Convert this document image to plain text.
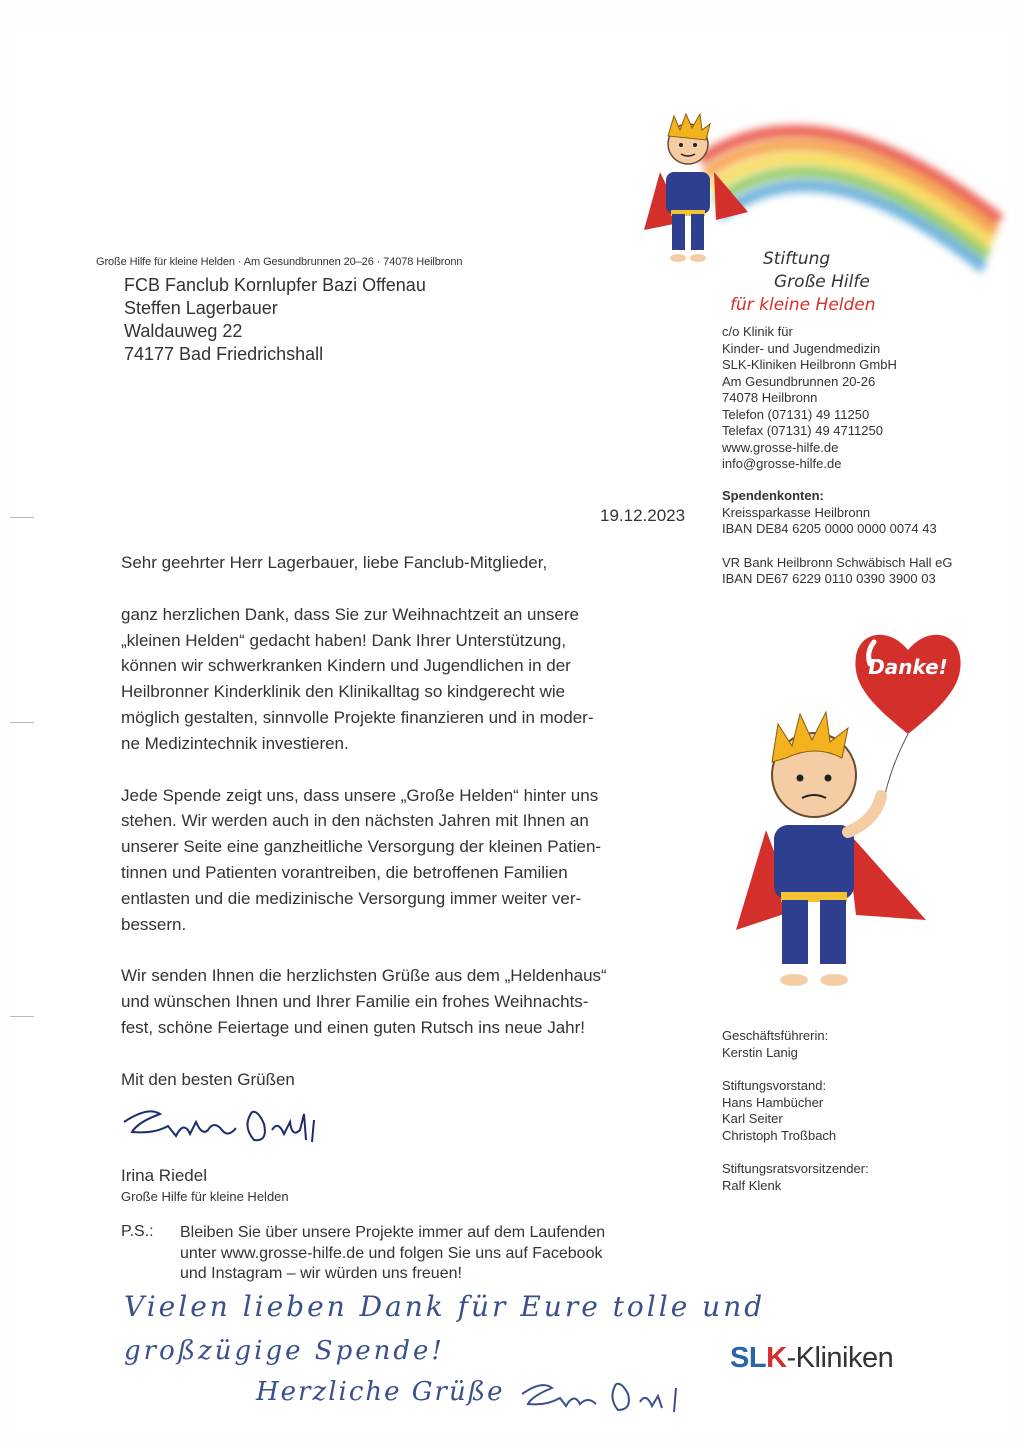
Große Hilfe für kleine Helden · Am Gesundbrunnen 20–26 · 74078 Heilbronn
FCB Fanclub Kornlupfer Bazi Offenau
Steffen Lagerbauer
Waldauweg 22
74177 Bad Friedrichshall
Stiftung
Große Hilfe
für kleine Helden
c/o Klinik für
Kinder- und Jugendmedizin
SLK-Kliniken Heilbronn GmbH
Am Gesundbrunnen 20-26
74078 Heilbronn
Telefon (07131) 49 11250
Telefax (07131) 49 4711250
www.grosse-hilfe.de
info@grosse-hilfe.de
Spendenkonten:
Kreissparkasse Heilbronn
IBAN DE84 6205 0000 0000 0074 43
VR Bank Heilbronn Schwäbisch Hall eG
IBAN DE67 6229 0110 0390 3900 03
19.12.2023

Sehr geehrter Herr Lagerbauer, liebe Fanclub-Mitglieder,

ganz herzlichen Dank, dass Sie zur Weihnachtzeit an unsere
„kleinen Helden“ gedacht haben! Dank Ihrer Unterstützung,
können wir schwerkranken Kindern und Jugendlichen in der
Heilbronner Kinderklinik den Klinikalltag so kindgerecht wie
möglich gestalten, sinnvolle Projekte finanzieren und in moder-
ne Medizintechnik investieren.
Jede Spende zeigt uns, dass unsere „Große Helden“ hinter uns
stehen. Wir werden auch in den nächsten Jahren mit Ihnen an
unserer Seite eine ganzheitliche Versorgung der kleinen Patien-
tinnen und Patienten vorantreiben, die betroffenen Familien
entlasten und die medizinische Versorgung immer weiter ver-
bessern.
Wir senden Ihnen die herzlichsten Grüße aus dem „Heldenhaus“
und wünschen Ihnen und Ihrer Familie ein frohes Weihnachts-
fest, schöne Feiertage und einen guten Rutsch ins neue Jahr!
Danke!
Geschäftsführerin:
Kerstin Lanig
Stiftungsvorstand:
Hans Hambücher
Karl Seiter
Christoph Troßbach
Stiftungsratsvorsitzender:
Ralf Klenk
Mit den besten Grüßen
Irina Riedel
Große Hilfe für kleine Helden
P.S.: Bleiben Sie über unsere Projekte immer auf dem Laufenden
unter www.grosse-hilfe.de und folgen Sie uns auf Facebook
und Instagram – wir würden uns freuen!
Vielen lieben Dank für Eure tolle und
großzügige Spende!
Herzliche Grüße
SLK-Kliniken
